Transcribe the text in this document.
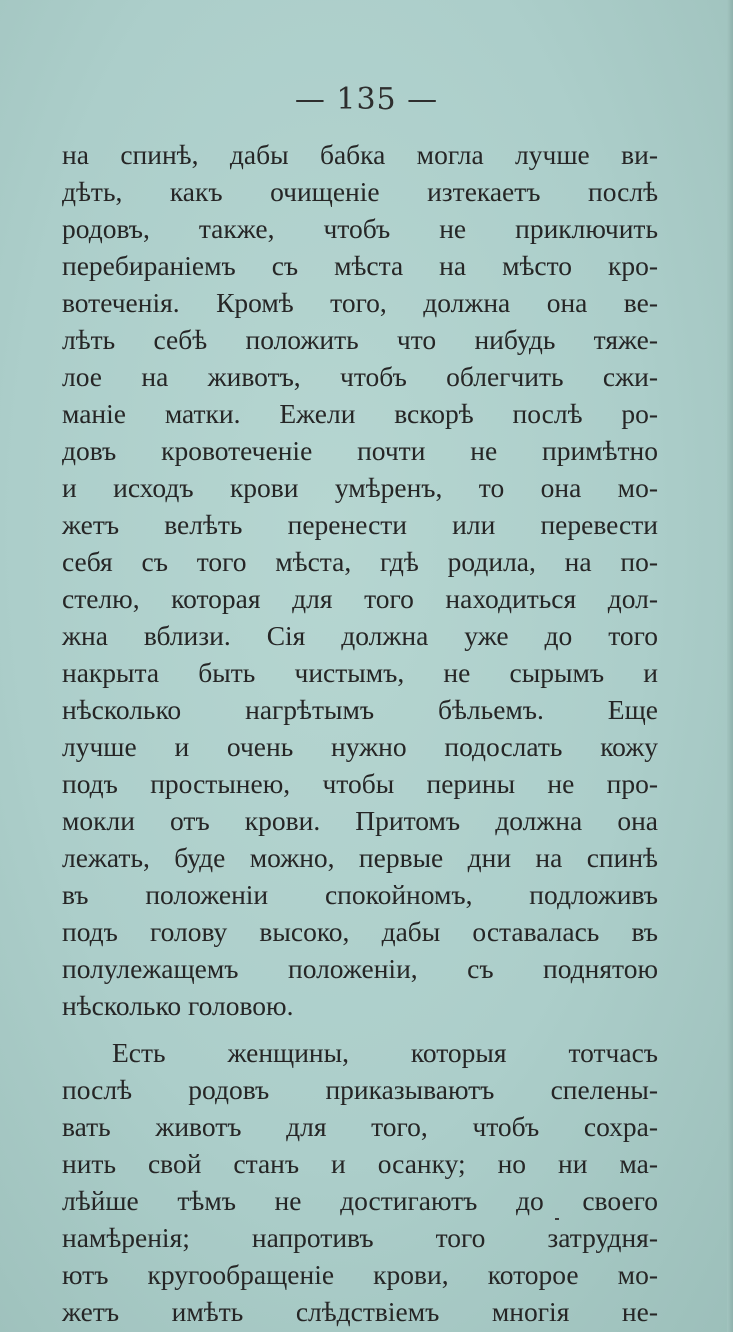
— 135 —
на спинѣ, дабы бабка могла лучше ви-
дѣть, какъ очищенiе изтекаетъ послѣ
родовъ, также, чтобъ не приключить
перебиранiемъ съ мѣста на мѣсто кро-
вотеченiя. Кромѣ того, должна она ве-
лѣть себѣ положить что нибудь тяже-
лое на животъ, чтобъ облегчить сжи-
манiе матки. Ежели вскорѣ послѣ ро-
довъ кровотеченiе почти не примѣтно
и исходъ крови умѣренъ, то она мо-
жетъ велѣть перенести или перевести
себя съ того мѣста, гдѣ родила, на по-
стелю, которая для того находиться дол-
жна вблизи. Сiя должна уже до того
накрыта быть чистымъ, не сырымъ и
нѣсколько нагрѣтымъ бѣльемъ. Еще
лучше и очень нужно подослать кожу
подъ простынею, чтобы перины не про-
мокли отъ крови. Притомъ должна она
лежать, буде можно, первые дни на спинѣ
въ положенiи спокойномъ, подложивъ
подъ голову высоко, дабы оставалась въ
полулежащемъ положенiи, съ поднятою
нѣсколько головою.
Есть женщины, которыя тотчасъ
послѣ родовъ приказываютъ спелены-
вать животъ для того, чтобъ сохра-
нить свой станъ и осанку; но ни ма-
лѣйше тѣмъ не достигаютъ до своего
намѣренiя; напротивъ того затрудня-
ютъ кругообращенiе крови, которое мо-
жетъ имѣть слѣдствiемъ многiя не-
